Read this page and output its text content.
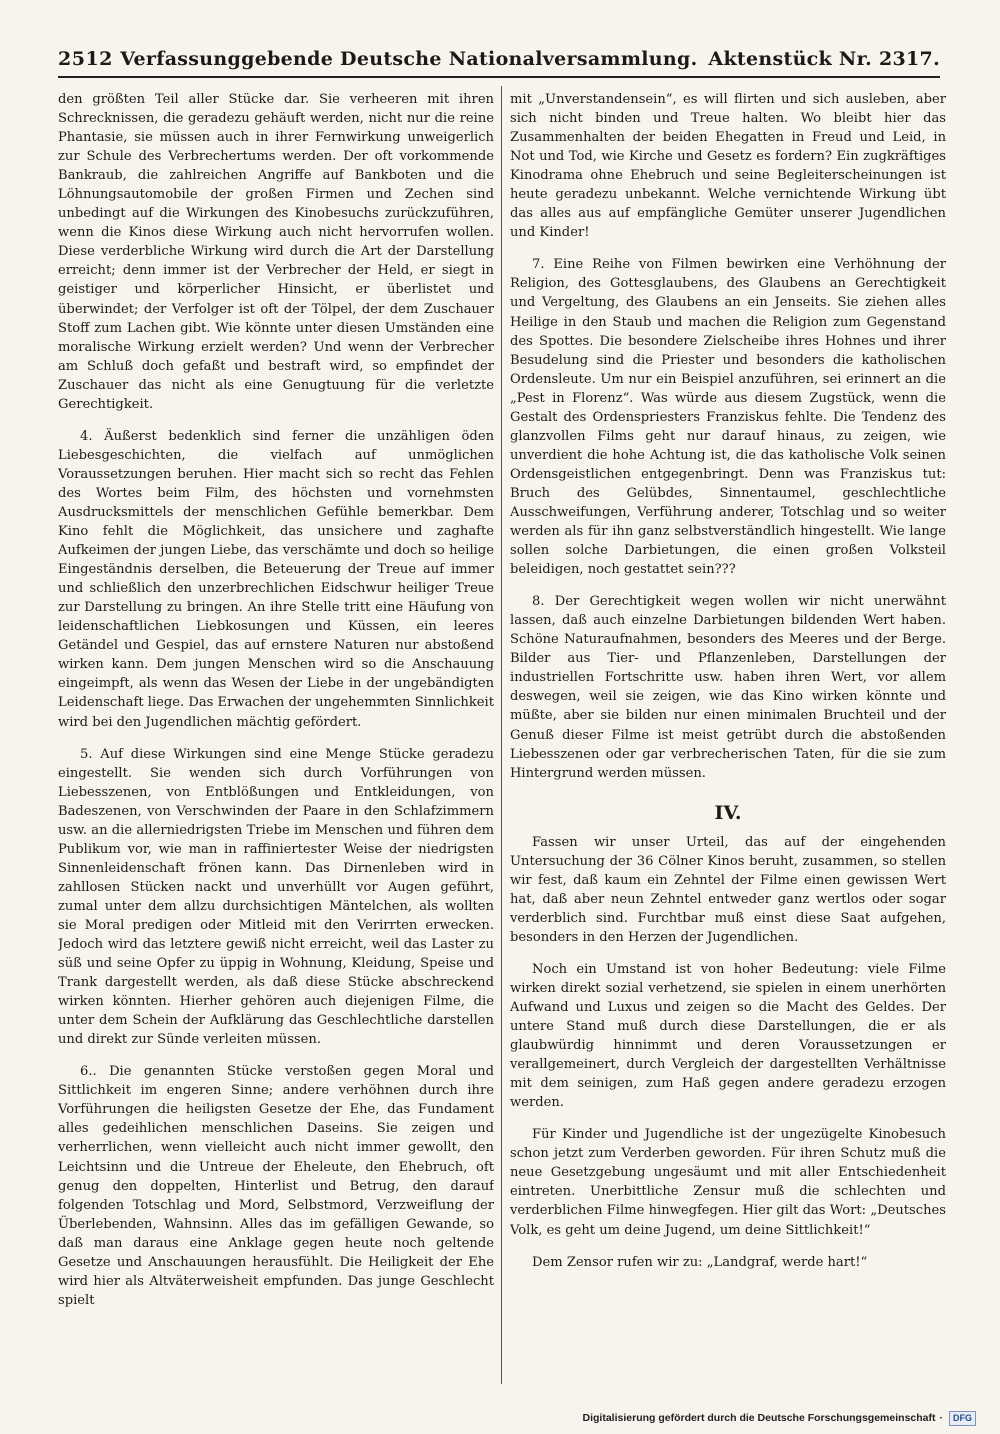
2512 Verfassunggebende Deutsche Nationalversammlung. Aktenstück Nr. 2317.

den größten Teil aller Stücke dar. Sie verheeren mit ihren Schrecknissen, die geradezu gehäuft werden, nicht nur die reine Phantasie, sie müssen auch in ihrer Fernwirkung unweigerlich zur Schule des Verbrechertums werden. Der oft vorkommende Bankraub, die zahlreichen Angriffe auf Bankboten und die Löhnungsautomobile der großen Firmen und Zechen sind unbedingt auf die Wirkungen des Kinobesuchs zurückzuführen, wenn die Kinos diese Wirkung auch nicht hervorrufen wollen. Diese verderbliche Wirkung wird durch die Art der Darstellung erreicht; denn immer ist der Verbrecher der Held, er siegt in geistiger und körperlicher Hinsicht, er überlistet und überwindet; der Verfolger ist oft der Tölpel, der dem Zuschauer Stoff zum Lachen gibt. Wie könnte unter diesen Umständen eine moralische Wirkung erzielt werden? Und wenn der Verbrecher am Schluß doch gefaßt und bestraft wird, so empfindet der Zuschauer das nicht als eine Genugtuung für die verletzte Gerechtigkeit.

4. Äußerst bedenklich sind ferner die unzähligen öden Liebesgeschichten, die vielfach auf unmöglichen Voraussetzungen beruhen. Hier macht sich so recht das Fehlen des Wortes beim Film, des höchsten und vornehmsten Ausdrucksmittels der menschlichen Gefühle bemerkbar. Dem Kino fehlt die Möglichkeit, das unsichere und zaghafte Aufkeimen der jungen Liebe, das verschämte und doch so heilige Eingeständnis derselben, die Beteuerung der Treue auf immer und schließlich den unzerbrechlichen Eidschwur heiliger Treue zur Darstellung zu bringen. An ihre Stelle tritt eine Häufung von leidenschaftlichen Liebkosungen und Küssen, ein leeres Getändel und Gespiel, das auf ernstere Naturen nur abstoßend wirken kann. Dem jungen Menschen wird so die Anschauung eingeimpft, als wenn das Wesen der Liebe in der ungebändigten Leidenschaft liege. Das Erwachen der ungehemmten Sinnlichkeit wird bei den Jugendlichen mächtig gefördert.

5. Auf diese Wirkungen sind eine Menge Stücke geradezu eingestellt. Sie wenden sich durch Vorführungen von Liebesszenen, von Entblößungen und Entkleidungen, von Badeszenen, von Verschwinden der Paare in den Schlafzimmern usw. an die allerniedrigsten Triebe im Menschen und führen dem Publikum vor, wie man in raffiniertester Weise der niedrigsten Sinnenleidenschaft frönen kann. Das Dirnenleben wird in zahllosen Stücken nackt und unverhüllt vor Augen geführt, zumal unter dem allzu durchsichtigen Mäntelchen, als wollten sie Moral predigen oder Mitleid mit den Verirrten erwecken. Jedoch wird das letztere gewiß nicht erreicht, weil das Laster zu süß und seine Opfer zu üppig in Wohnung, Kleidung, Speise und Trank dargestellt werden, als daß diese Stücke abschreckend wirken könnten. Hierher gehören auch diejenigen Filme, die unter dem Schein der Aufklärung das Geschlechtliche darstellen und direkt zur Sünde verleiten müssen.

6.. Die genannten Stücke verstoßen gegen Moral und Sittlichkeit im engeren Sinne; andere verhöhnen durch ihre Vorführungen die heiligsten Gesetze der Ehe, das Fundament alles gedeihlichen menschlichen Daseins. Sie zeigen und verherrlichen, wenn vielleicht auch nicht immer gewollt, den Leichtsinn und die Untreue der Eheleute, den Ehebruch, oft genug den doppelten, Hinterlist und Betrug, den darauf folgenden Totschlag und Mord, Selbstmord, Verzweiflung der Überlebenden, Wahnsinn. Alles das im gefälligen Gewande, so daß man daraus eine Anklage gegen heute noch geltende Gesetze und Anschauungen herausfühlt. Die Heiligkeit der Ehe wird hier als Altväterweisheit empfunden. Das junge Geschlecht spielt

mit „Unverstandensein“, es will flirten und sich ausleben, aber sich nicht binden und Treue halten. Wo bleibt hier das Zusammenhalten der beiden Ehegatten in Freud und Leid, in Not und Tod, wie Kirche und Gesetz es fordern? Ein zugkräftiges Kinodrama ohne Ehebruch und seine Begleiterscheinungen ist heute geradezu unbekannt. Welche vernichtende Wirkung übt das alles aus auf empfängliche Gemüter unserer Jugendlichen und Kinder!

7. Eine Reihe von Filmen bewirken eine Verhöhnung der Religion, des Gottesglaubens, des Glaubens an Gerechtigkeit und Vergeltung, des Glaubens an ein Jenseits. Sie ziehen alles Heilige in den Staub und machen die Religion zum Gegenstand des Spottes. Die besondere Zielscheibe ihres Hohnes und ihrer Besudelung sind die Priester und besonders die katholischen Ordensleute. Um nur ein Beispiel anzuführen, sei erinnert an die „Pest in Florenz“. Was würde aus diesem Zugstück, wenn die Gestalt des Ordenspriesters Franziskus fehlte. Die Tendenz des glanzvollen Films geht nur darauf hinaus, zu zeigen, wie unverdient die hohe Achtung ist, die das katholische Volk seinen Ordensgeistlichen entgegenbringt. Denn was Franziskus tut: Bruch des Gelübdes, Sinnentaumel, geschlechtliche Ausschweifungen, Verführung anderer, Totschlag und so weiter werden als für ihn ganz selbstverständlich hingestellt. Wie lange sollen solche Darbietungen, die einen großen Volksteil beleidigen, noch gestattet sein???

8. Der Gerechtigkeit wegen wollen wir nicht unerwähnt lassen, daß auch einzelne Darbietungen bildenden Wert haben. Schöne Naturaufnahmen, besonders des Meeres und der Berge. Bilder aus Tier- und Pflanzenleben, Darstellungen der industriellen Fortschritte usw. haben ihren Wert, vor allem deswegen, weil sie zeigen, wie das Kino wirken könnte und müßte, aber sie bilden nur einen minimalen Bruchteil und der Genuß dieser Filme ist meist getrübt durch die abstoßenden Liebesszenen oder gar verbrecherischen Taten, für die sie zum Hintergrund werden müssen.

IV.

Fassen wir unser Urteil, das auf der eingehenden Untersuchung der 36 Cölner Kinos beruht, zusammen, so stellen wir fest, daß kaum ein Zehntel der Filme einen gewissen Wert hat, daß aber neun Zehntel entweder ganz wertlos oder sogar verderblich sind. Furchtbar muß einst diese Saat aufgehen, besonders in den Herzen der Jugendlichen.

Noch ein Umstand ist von hoher Bedeutung: viele Filme wirken direkt sozial verhetzend, sie spielen in einem unerhörten Aufwand und Luxus und zeigen so die Macht des Geldes. Der untere Stand muß durch diese Darstellungen, die er als glaubwürdig hinnimmt und deren Voraussetzungen er verallgemeinert, durch Vergleich der dargestellten Verhältnisse mit dem seinigen, zum Haß gegen andere geradezu erzogen werden.

Für Kinder und Jugendliche ist der ungezügelte Kinobesuch schon jetzt zum Verderben geworden. Für ihren Schutz muß die neue Gesetzgebung ungesäumt und mit aller Entschiedenheit eintreten. Unerbittliche Zensur muß die schlechten und verderblichen Filme hinwegfegen. Hier gilt das Wort: „Deutsches Volk, es geht um deine Jugend, um deine Sittlichkeit!“

Dem Zensor rufen wir zu: „Landgraf, werde hart!“

Digitalisierung gefördert durch die Deutsche Forschungsgemeinschaft ·	DFG
